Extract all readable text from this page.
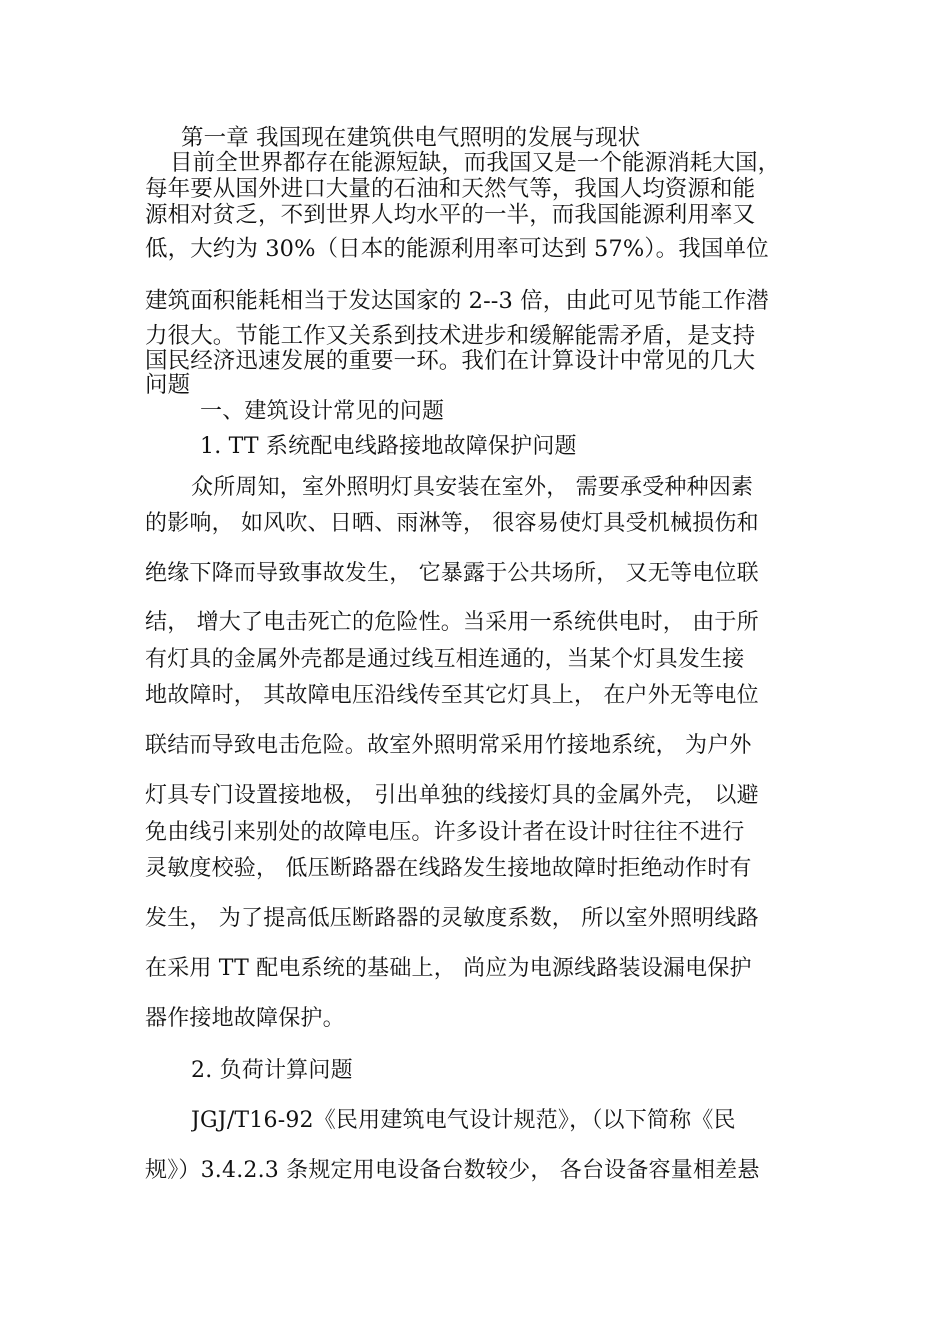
第一章 我国现在建筑供电气照明的发展与现状
目前全世界都存在能源短缺，而我国又是一个能源消耗大国，
每年要从国外进口大量的石油和天然气等，我国人均资源和能
源相对贫乏，不到世界人均水平的一半，而我国能源利用率又
低，大约为 30%（日本的能源利用率可达到 57%）。我国单位
建筑面积能耗相当于发达国家的 2--3 倍，由此可见节能工作潜
力很大。节能工作又关系到技术进步和缓解能需矛盾，是支持
国民经济迅速发展的重要一环。我们在计算设计中常见的几大
问题
一、建筑设计常见的问题
1. TT 系统配电线路接地故障保护问题
众所周知，室外照明灯具安装在室外， 需要承受种种因素
的影响， 如风吹、日晒、雨淋等， 很容易使灯具受机械损伤和
绝缘下降而导致事故发生， 它暴露于公共场所， 又无等电位联
结， 增大了电击死亡的危险性。当采用一系统供电时， 由于所
有灯具的金属外壳都是通过线互相连通的，当某个灯具发生接
地故障时， 其故障电压沿线传至其它灯具上， 在户外无等电位
联结而导致电击危险。故室外照明常采用竹接地系统， 为户外
灯具专门设置接地极， 引出单独的线接灯具的金属外壳， 以避
免由线引来别处的故障电压。许多设计者在设计时往往不进行
灵敏度校验， 低压断路器在线路发生接地故障时拒绝动作时有
发生， 为了提高低压断路器的灵敏度系数， 所以室外照明线路
在采用 TT 配电系统的基础上， 尚应为电源线路装设漏电保护
器作接地故障保护。
2. 负荷计算问题
JGJ/T16-92《民用建筑电气设计规范》，（以下简称《民
规》）3.4.2.3 条规定用电设备台数较少， 各台设备容量相差悬
